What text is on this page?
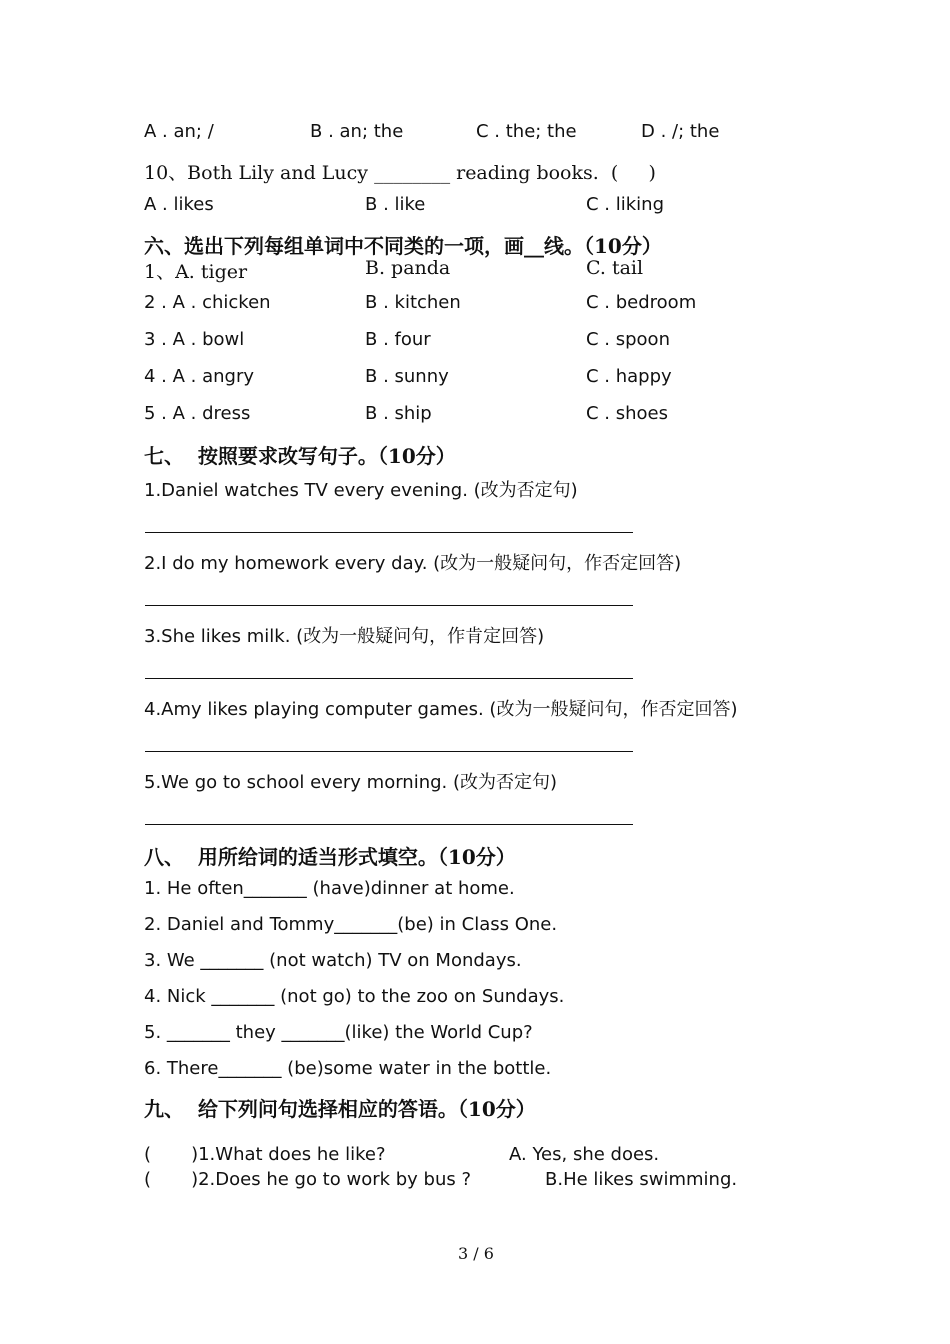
A . an; /	B . an; the	C . the; the	D . /; the
10、Both Lily and Lucy ________ reading books.  (     )
A . likes	B . like	C . liking
六、选出下列每组单词中不同类的一项，画__线。（10分）
1、A. tiger	B. panda	C. tail
2 . A . chicken	B . kitchen	C . bedroom
3 . A . bowl	B . four	C . spoon
4 . A . angry	B . sunny	C . happy
5 . A . dress	B . ship	C . shoes
七、  按照要求改写句子。（10分）
1.Daniel watches TV every evening. (改为否定句)
2.I do my homework every day. (改为一般疑问句，作否定回答)
3.She likes milk. (改为一般疑问句，作肯定回答)
4.Amy likes playing computer games. (改为一般疑问句，作否定回答)
5.We go to school every morning. (改为否定句)
八、  用所给词的适当形式填空。（10分）
1. He often_______ (have)dinner at home.
2. Daniel and Tommy_______(be) in Class One.
3. We _______ (not watch) TV on Mondays.
4. Nick _______ (not go) to the zoo on Sundays.
5. _______ they _______(like) the World Cup?
6. There_______ (be)some water in the bottle.
九、  给下列问句选择相应的答语。（10分）
(       )1.What does he like?	A. Yes, she does.
(       )2.Does he go to work by bus ?	B.He likes swimming.
3 / 6
